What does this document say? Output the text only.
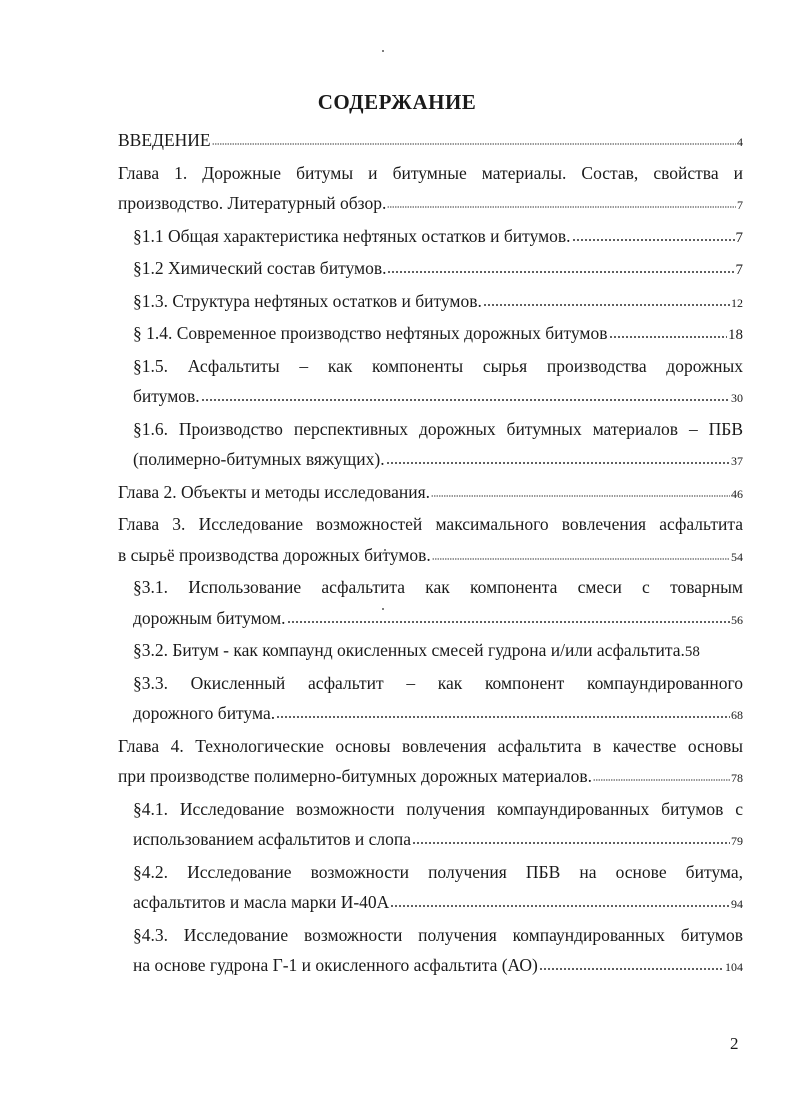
СОДЕРЖАНИЕ
ВВЕДЕНИЕ	4
Глава 1. Дорожные битумы и битумные материалы. Состав, свойства и
производство. Литературный обзор.	7
§1.1 Общая характеристика нефтяных остатков и битумов.	7
§1.2 Химический состав битумов.	7
§1.3. Структура нефтяных остатков и битумов.	12
§ 1.4. Современное производство нефтяных дорожных битумов	18
§1.5. Асфальтиты – как компоненты сырья производства дорожных
битумов.	30
§1.6. Производство перспективных дорожных битумных материалов – ПБВ
(полимерно-битумных вяжущих).	37
Глава 2. Объекты и методы исследования.	46
Глава 3. Исследование возможностей максимального вовлечения асфальтита
в сырьё производства дорожных битумов.	54
§3.1. Использование асфальтита как компонента смеси с товарным
дорожным битумом.	56
§3.2. Битум - как компаунд окисленных смесей гудрона и/или асфальтита. 58
§3.3. Окисленный асфальтит – как компонент компаундированного
дорожного битума.	68
Глава 4. Технологические основы вовлечения асфальтита в качестве основы
при производстве полимерно-битумных дорожных материалов.	78
§4.1. Исследование возможности получения компаундированных битумов с
использованием асфальтитов и слопа	79
§4.2. Исследование возможности получения ПБВ на основе битума,
асфальтитов и масла марки И-40А	94
§4.3. Исследование возможности получения компаундированных битумов
на основе гудрона Г-1 и окисленного асфальтита (АО)	104
2
